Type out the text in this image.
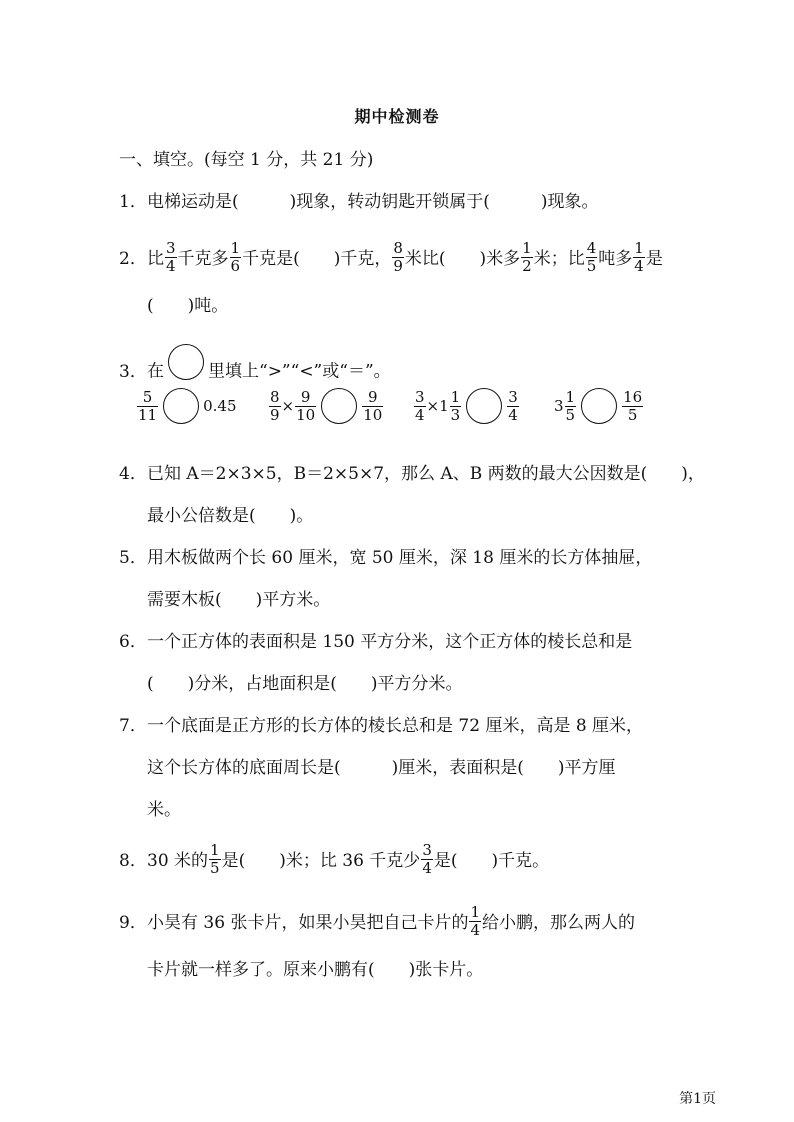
期中检测卷
一、填空。(每空 1 分，共 21 分)
1．电梯运动是(　　　)现象，转动钥匙开锁属于(　　　)现象。
2．比 $\frac{3}{4}$ 千克多 $\frac{1}{6}$ 千克是(　　)千克， $\frac{8}{9}$ 米比(　　)米多 $\frac{1}{2}$ 米；比 $\frac{4}{5}$ 吨多 $\frac{1}{4}$ 是
(　　)吨。
3．在	里填上“>”“<”或“＝”。
$\frac{5}{11}$	$0.45 \frac{8}{9} \times \frac{9}{10}$	$\frac{9}{10} \frac{3}{4} \times 1 \frac{1}{3}$	$\frac{3}{4} 3 \frac{1}{5}$	$\frac{16}{5}$
4．已知 A＝2×3×5，B＝2×5×7，那么 A、B 两数的最大公因数是(　　)，
最小公倍数是(　　)。
5．用木板做两个长 60 厘米，宽 50 厘米，深 18 厘米的长方体抽屉，
需要木板(　　)平方米。
6．一个正方体的表面积是 150 平方分米，这个正方体的棱长总和是
(　　)分米，占地面积是(　　)平方分米。
7．一个底面是正方形的长方体的棱长总和是 72 厘米，高是 8 厘米，
这个长方体的底面周长是(　　　)厘米，表面积是(　　)平方厘
米。
8．30 米的 $\frac{1}{5}$ 是(　　)米；比 36 千克少 $\frac{3}{4}$ 是(　　)千克。
9．小昊有 36 张卡片，如果小昊把自己卡片的 $\frac{1}{4}$ 给小鹏，那么两人的
卡片就一样多了。原来小鹏有(　　)张卡片。
第1页
